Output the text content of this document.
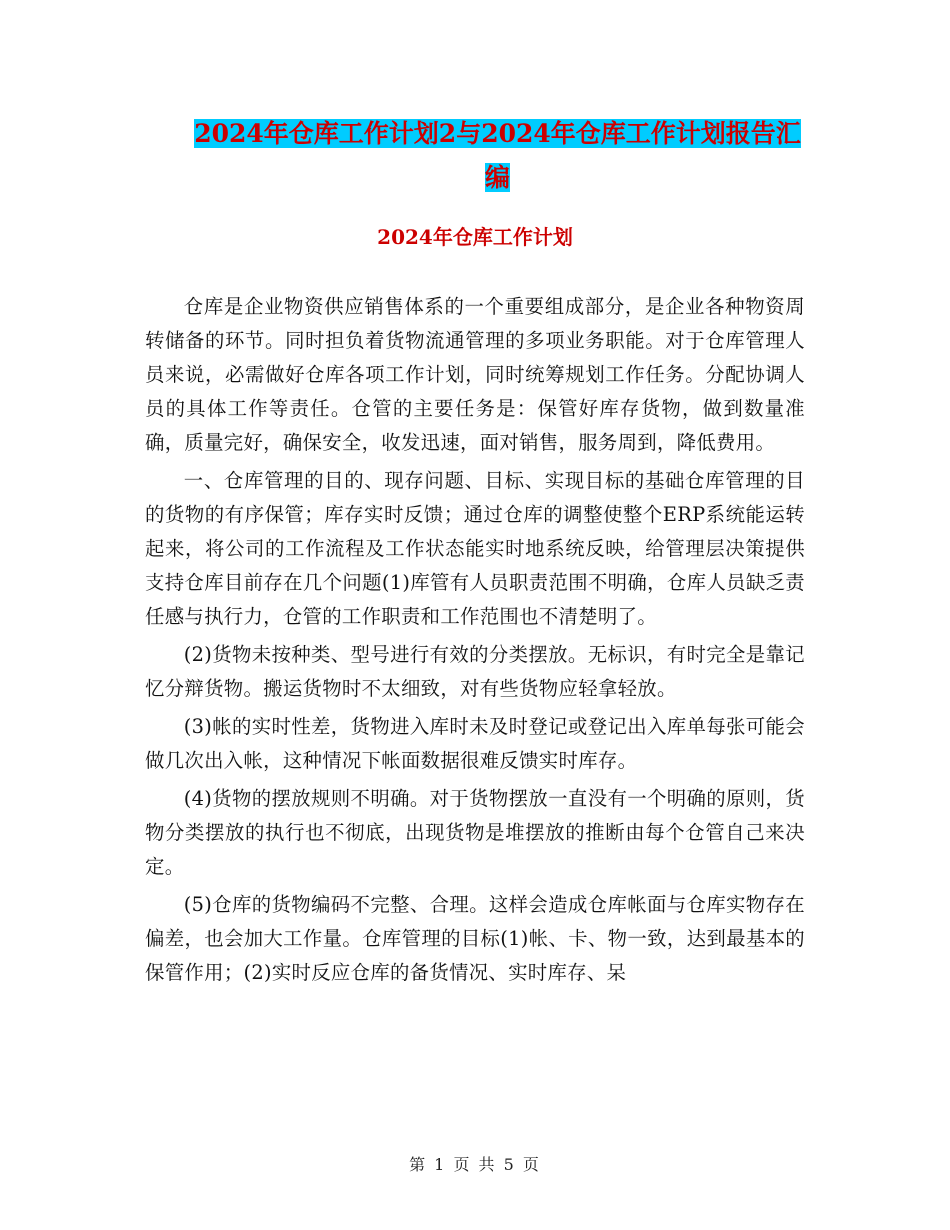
2024年仓库工作计划2与2024年仓库工作计划报告汇编
2024年仓库工作计划

仓库是企业物资供应销售体系的一个重要组成部分，是企业各种物资周转储备的环节。同时担负着货物流通管理的多项业务职能。对于仓库管理人员来说，必需做好仓库各项工作计划，同时统筹规划工作任务。分配协调人员的具体工作等责任。仓管的主要任务是：保管好库存货物，做到数量准确，质量完好，确保安全，收发迅速，面对销售，服务周到，降低费用。

一、仓库管理的目的、现存问题、目标、实现目标的基础仓库管理的目的货物的有序保管；库存实时反馈；通过仓库的调整使整个ERP系统能运转起来，将公司的工作流程及工作状态能实时地系统反映，给管理层决策提供支持仓库目前存在几个问题(1)库管有人员职责范围不明确，仓库人员缺乏责任感与执行力，仓管的工作职责和工作范围也不清楚明了。

(2)货物未按种类、型号进行有效的分类摆放。无标识，有时完全是靠记忆分辩货物。搬运货物时不太细致，对有些货物应轻拿轻放。

(3)帐的实时性差，货物进入库时未及时登记或登记出入库单每张可能会做几次出入帐，这种情况下帐面数据很难反馈实时库存。

(4)货物的摆放规则不明确。对于货物摆放一直没有一个明确的原则，货物分类摆放的执行也不彻底，出现货物是堆摆放的推断由每个仓管自己来决定。

(5)仓库的货物编码不完整、合理。这样会造成仓库帐面与仓库实物存在偏差，也会加大工作量。仓库管理的目标(1)帐、卡、物一致，达到最基本的保管作用；(2)实时反应仓库的备货情况、实时库存、呆

第 1 页 共 5 页
